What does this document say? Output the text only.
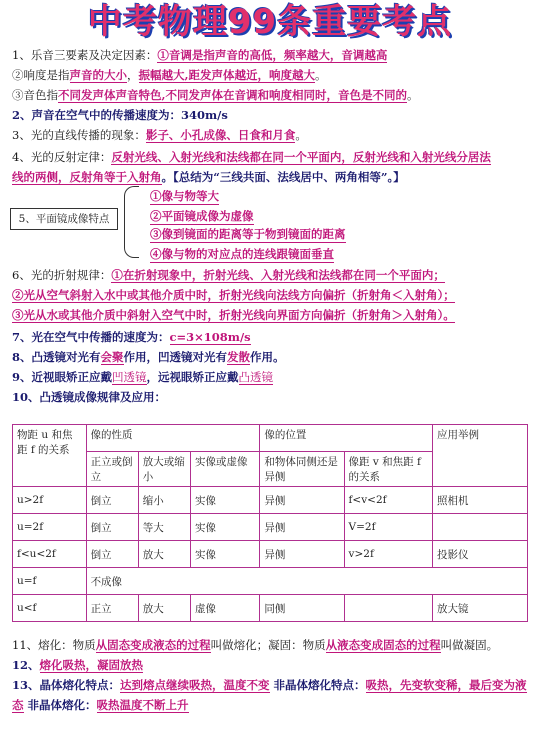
中考物理99条重要考点
1、乐音三要素及决定因素：①音调是指声音的高低，频率越大，音调越高
②响度是指声音的大小，振幅越大,距发声体越近，响度越大。
③音色指不同发声体声音特色,不同发声体在音调和响度相同时，音色是不同的。
2、声音在空气中的传播速度为：340m/s
3、光的直线传播的现象：影子、小孔成像、日食和月食。
4、光的反射定律：反射光线、入射光线和法线都在同一个平面内，反射光线和入射光线分居法
线的两侧，反射角等于入射角。【总结为“三线共面、法线居中、两角相等”。】
5、平面镜成像特点
①像与物等大
②平面镜成像为虚像
③像到镜面的距离等于物到镜面的距离
④像与物的对应点的连线跟镜面垂直
6、光的折射规律：①在折射现象中，折射光线、入射光线和法线都在同一个平面内；
②光从空气斜射入水中或其他介质中时，折射光线向法线方向偏折（折射角＜入射角）；
③光从水或其他介质中斜射入空气中时，折射光线向界面方向偏折（折射角＞入射角）。
7、光在空气中传播的速度为：c=3×108m/s
8、凸透镜对光有会聚作用，凹透镜对光有发散作用。
9、近视眼矫正应戴凹透镜，远视眼矫正应戴凸透镜
10、凸透镜成像规律及应用：
物距 u 和焦距 f 的关系	像的性质			像的位置		应用举例
	正立或倒立	放大或缩小	实像或虚像	和物体同侧还是异侧	像距 v 和焦距 f 的关系	
u>2f	倒立	缩小	实像	异侧	f<v<2f	照相机
u=2f	倒立	等大	实像	异侧	V=2f	
f<u<2f	倒立	放大	实像	异侧	v>2f	投影仪
u=f	不成像					
u<f	正立	放大	虚像	同侧		放大镜
11、熔化：物质从固态变成液态的过程叫做熔化；凝固：物质从液态变成固态的过程叫做凝固。
12、熔化吸热，凝固放热
13、晶体熔化特点：达到熔点继续吸热，温度不变 非晶体熔化特点：吸热，先变软变稀，最后变为液
态 非晶体熔化：吸热温度不断上升
